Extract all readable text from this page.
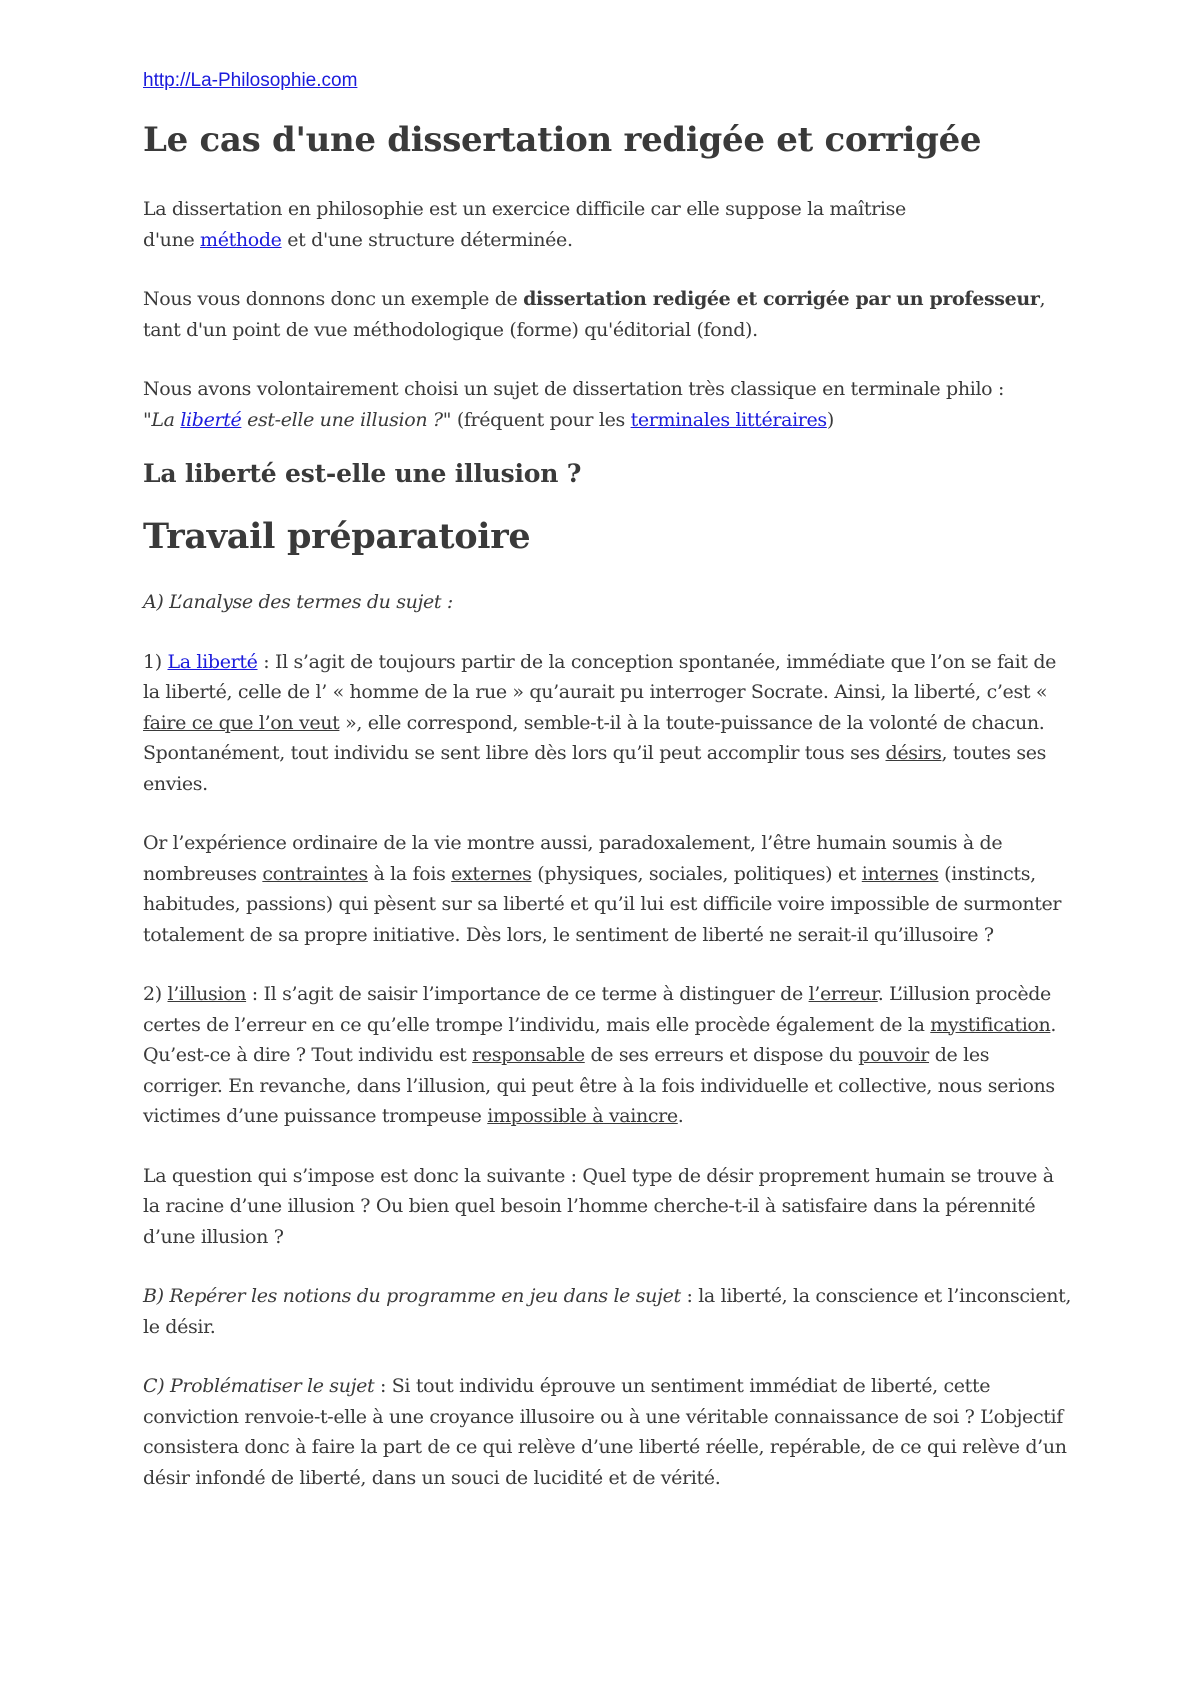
http://La-Philosophie.com
Le cas d'une dissertation redigée et corrigée

La dissertation en philosophie est un exercice difficile car elle suppose la maîtrise
d'une méthode et d'une structure déterminée.

Nous vous donnons donc un exemple de dissertation redigée et corrigée par un professeur, tant d'un point de vue méthodologique (forme) qu'éditorial (fond).

Nous avons volontairement choisi un sujet de dissertation très classique en terminale philo :
"La liberté est-elle une illusion ?" (fréquent pour les terminales littéraires)

La liberté est-elle une illusion ?
Travail préparatoire

A) L’analyse des termes du sujet :

1) La liberté : Il s’agit de toujours partir de la conception spontanée, immédiate que l’on se fait de la liberté, celle de l’ « homme de la rue » qu’aurait pu interroger Socrate. Ainsi, la liberté, c’est « faire ce que l’on veut », elle correspond, semble-t-il à la toute-puissance de la volonté de chacun. Spontanément, tout individu se sent libre dès lors qu’il peut accomplir tous ses désirs, toutes ses envies.

Or l’expérience ordinaire de la vie montre aussi, paradoxalement, l’être humain soumis à de nombreuses contraintes à la fois externes (physiques, sociales, politiques) et internes (instincts, habitudes, passions) qui pèsent sur sa liberté et qu’il lui est difficile voire impossible de surmonter totalement de sa propre initiative. Dès lors, le sentiment de liberté ne serait-il qu’illusoire ?

2) l’illusion : Il s’agit de saisir l’importance de ce terme à distinguer de l’erreur. L’illusion procède certes de l’erreur en ce qu’elle trompe l’individu, mais elle procède également de la mystification. Qu’est-ce à dire ? Tout individu est responsable de ses erreurs et dispose du pouvoir de les corriger. En revanche, dans l’illusion, qui peut être à la fois individuelle et collective, nous serions victimes d’une puissance trompeuse impossible à vaincre.

La question qui s’impose est donc la suivante : Quel type de désir proprement humain se trouve à la racine d’une illusion ? Ou bien quel besoin l’homme cherche-t-il à satisfaire dans la pérennité d’une illusion ?

B) Repérer les notions du programme en jeu dans le sujet : la liberté, la conscience et l’inconscient, le désir.

C) Problématiser le sujet : Si tout individu éprouve un sentiment immédiat de liberté, cette conviction renvoie-t-elle à une croyance illusoire ou à une véritable connaissance de soi ? L’objectif consistera donc à faire la part de ce qui relève d’une liberté réelle, repérable, de ce qui relève d’un désir infondé de liberté, dans un souci de lucidité et de vérité.
